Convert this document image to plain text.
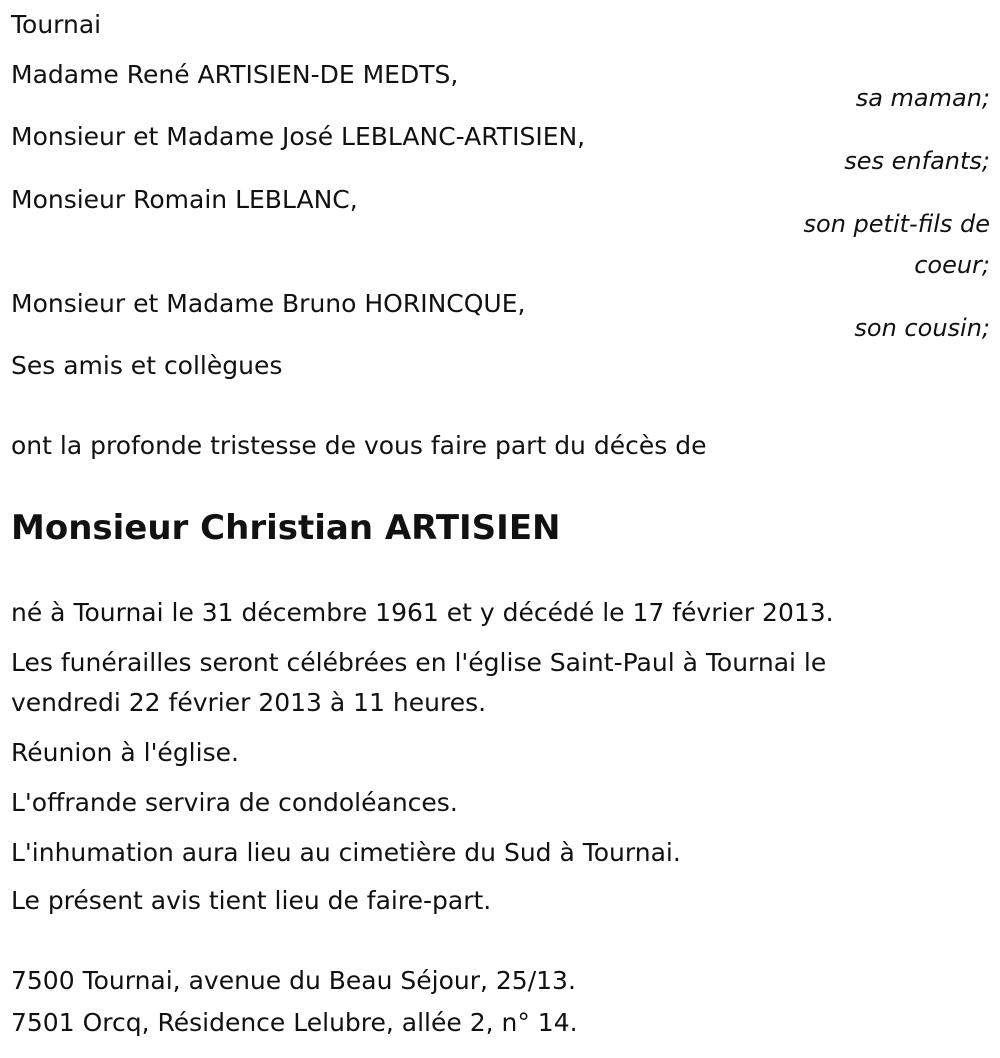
Tournai
Madame René ARTISIEN-DE MEDTS,
sa maman;
Monsieur et Madame José LEBLANC-ARTISIEN,
ses enfants;
Monsieur Romain LEBLANC,
son petit-fils de
coeur;
Monsieur et Madame Bruno HORINCQUE,
son cousin;
Ses amis et collègues
ont la profonde tristesse de vous faire part du décès de
Monsieur Christian ARTISIEN
né à Tournai le 31 décembre 1961 et y décédé le 17 février 2013.
Les funérailles seront célébrées en l'église Saint-Paul à Tournai le
vendredi 22 février 2013 à 11 heures.
Réunion à l'église.
L'offrande servira de condoléances.
L'inhumation aura lieu au cimetière du Sud à Tournai.
Le présent avis tient lieu de faire-part.
7500 Tournai, avenue du Beau Séjour, 25/13.
7501 Orcq, Résidence Lelubre, allée 2, n° 14.
